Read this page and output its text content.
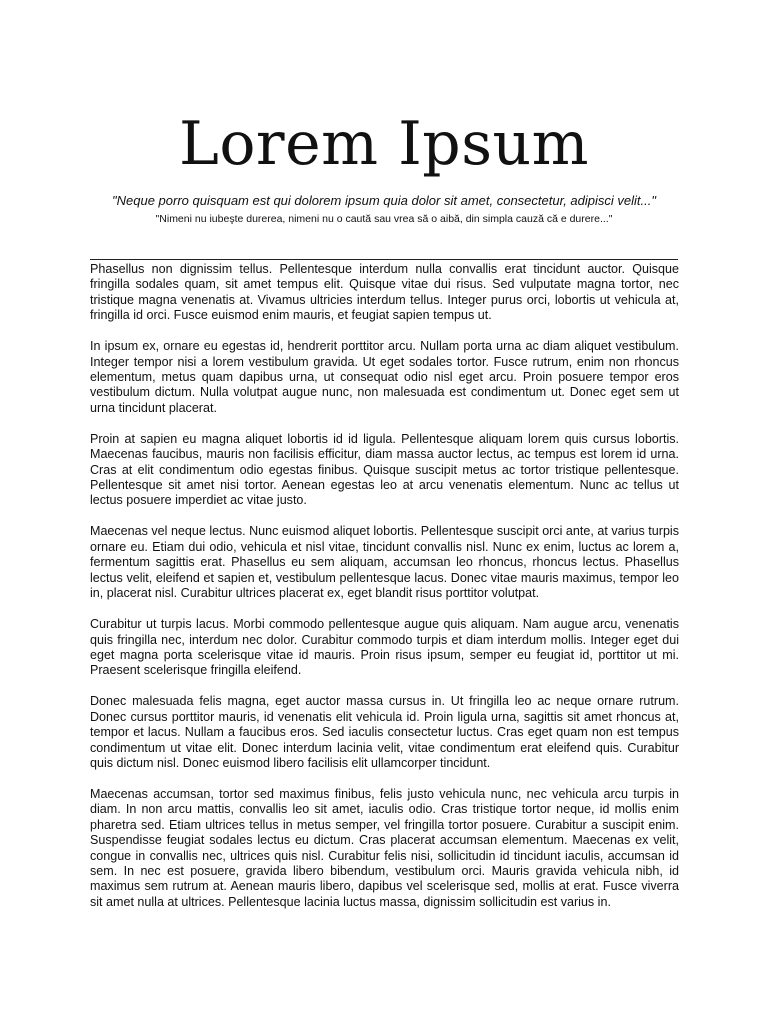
Lorem Ipsum

"Neque porro quisquam est qui dolorem ipsum quia dolor sit amet, consectetur, adipisci velit..."

"Nimeni nu iubeşte durerea, nimeni nu o caută sau vrea să o aibă, din simpla cauză că e durere..."

Phasellus non dignissim tellus. Pellentesque interdum nulla convallis erat tincidunt auctor. Quisque fringilla sodales quam, sit amet tempus elit. Quisque vitae dui risus. Sed vulputate magna tortor, nec tristique magna venenatis at. Vivamus ultricies interdum tellus. Integer purus orci, lobortis ut vehicula at, fringilla id orci. Fusce euismod enim mauris, et feugiat sapien tempus ut.

In ipsum ex, ornare eu egestas id, hendrerit porttitor arcu. Nullam porta urna ac diam aliquet vestibulum. Integer tempor nisi a lorem vestibulum gravida. Ut eget sodales tortor. Fusce rutrum, enim non rhoncus elementum, metus quam dapibus urna, ut consequat odio nisl eget arcu. Proin posuere tempor eros vestibulum dictum. Nulla volutpat augue nunc, non malesuada est condimentum ut. Donec eget sem ut urna tincidunt placerat.

Proin at sapien eu magna aliquet lobortis id id ligula. Pellentesque aliquam lorem quis cursus lobortis. Maecenas faucibus, mauris non facilisis efficitur, diam massa auctor lectus, ac tempus est lorem id urna. Cras at elit condimentum odio egestas finibus. Quisque suscipit metus ac tortor tristique pellentesque. Pellentesque sit amet nisi tortor. Aenean egestas leo at arcu venenatis elementum. Nunc ac tellus ut lectus posuere imperdiet ac vitae justo.

Maecenas vel neque lectus. Nunc euismod aliquet lobortis. Pellentesque suscipit orci ante, at varius turpis ornare eu. Etiam dui odio, vehicula et nisl vitae, tincidunt convallis nisl. Nunc ex enim, luctus ac lorem a, fermentum sagittis erat. Phasellus eu sem aliquam, accumsan leo rhoncus, rhoncus lectus. Phasellus lectus velit, eleifend et sapien et, vestibulum pellentesque lacus. Donec vitae mauris maximus, tempor leo in, placerat nisl. Curabitur ultrices placerat ex, eget blandit risus porttitor volutpat.

Curabitur ut turpis lacus. Morbi commodo pellentesque augue quis aliquam. Nam augue arcu, venenatis quis fringilla nec, interdum nec dolor. Curabitur commodo turpis et diam interdum mollis. Integer eget dui eget magna porta scelerisque vitae id mauris. Proin risus ipsum, semper eu feugiat id, porttitor ut mi. Praesent scelerisque fringilla eleifend.

Donec malesuada felis magna, eget auctor massa cursus in. Ut fringilla leo ac neque ornare rutrum. Donec cursus porttitor mauris, id venenatis elit vehicula id. Proin ligula urna, sagittis sit amet rhoncus at, tempor et lacus. Nullam a faucibus eros. Sed iaculis consectetur luctus. Cras eget quam non est tempus condimentum ut vitae elit. Donec interdum lacinia velit, vitae condimentum erat eleifend quis. Curabitur quis dictum nisl. Donec euismod libero facilisis elit ullamcorper tincidunt.

Maecenas accumsan, tortor sed maximus finibus, felis justo vehicula nunc, nec vehicula arcu turpis in diam. In non arcu mattis, convallis leo sit amet, iaculis odio. Cras tristique tortor neque, id mollis enim pharetra sed. Etiam ultrices tellus in metus semper, vel fringilla tortor posuere. Curabitur a suscipit enim. Suspendisse feugiat sodales lectus eu dictum. Cras placerat accumsan elementum. Maecenas ex velit, congue in convallis nec, ultrices quis nisl. Curabitur felis nisi, sollicitudin id tincidunt iaculis, accumsan id sem. In nec est posuere, gravida libero bibendum, vestibulum orci. Mauris gravida vehicula nibh, id maximus sem rutrum at. Aenean mauris libero, dapibus vel scelerisque sed, mollis at erat. Fusce viverra sit amet nulla at ultrices. Pellentesque lacinia luctus massa, dignissim sollicitudin est varius in.
